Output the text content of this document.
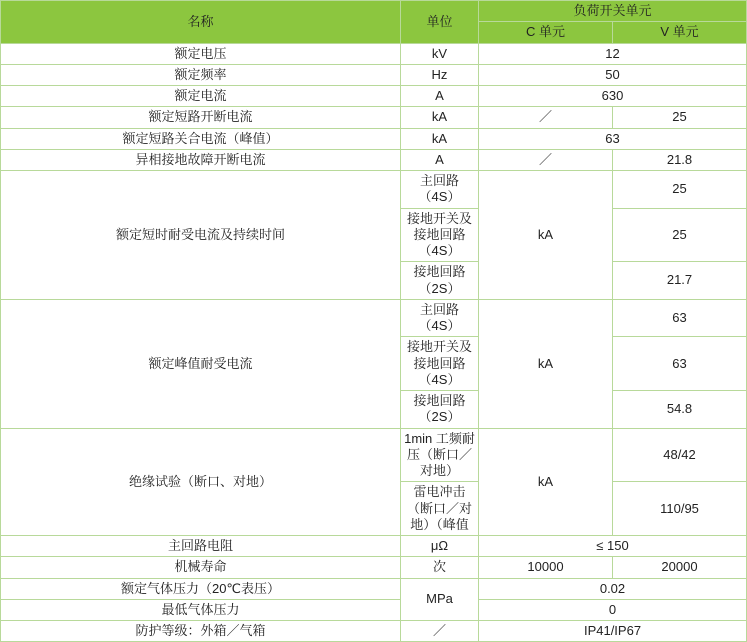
名称	单位	负荷开关单元	
		C 单元	V 单元
额定电压	kV	12	
额定频率	Hz	50	
额定电流	A	630	
额定短路开断电流	kA	／	25
额定短路关合电流（峰值）	kA	63	
异相接地故障开断电流	A	／	21.8
额定短时耐受电流及持续时间	主回路（4S）	kA	25
	接地开关及接地回路（4S）		25
	接地回路（2S）		21.7
额定峰值耐受电流	主回路（4S）	kA	63
	接地开关及接地回路（4S）		63
	接地回路（2S）		54.8
绝缘试验（断口、对地）	1min 工频耐压（断口／对地）	kA	48/42
	雷电冲击（断口／对地）（峰值		110/95
主回路电阻	μΩ	≤ 150	
机械寿命	次	10000	20000
额定气体压力（20℃表压）	MPa	0.02	
最低气体压力		0	
防护等级：外箱／气箱	／	IP41/IP67	
